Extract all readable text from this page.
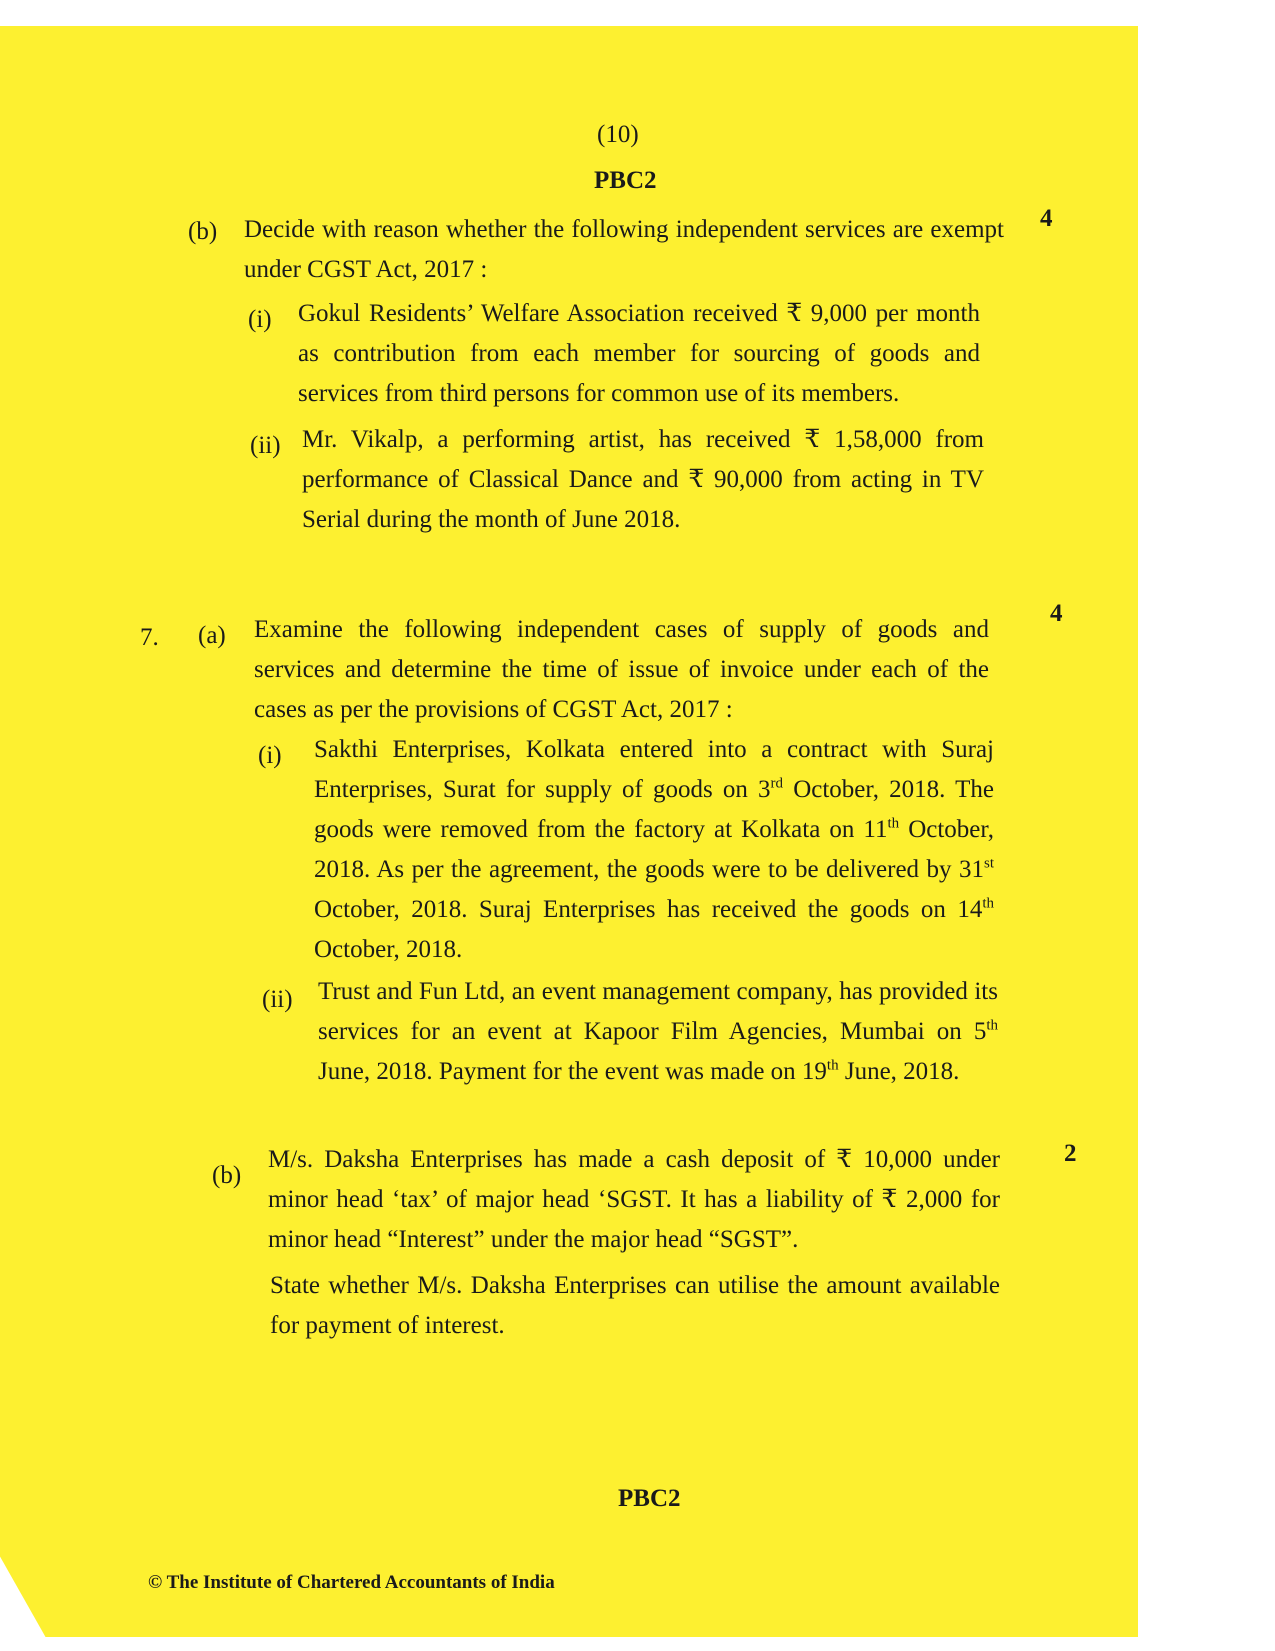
(10)
PBC2
(b) Decide with reason whether the following independent services are exempt under CGST Act, 2017 :
4
(i) Gokul Residents’ Welfare Association received ₹ 9,000 per month as contribution from each member for sourcing of goods and services from third persons for common use of its members.
(ii) Mr. Vikalp, a performing artist, has received ₹ 1,58,000 from performance of Classical Dance and ₹ 90,000 from acting in TV Serial during the month of June 2018.
7. (a) Examine the following independent cases of supply of goods and services and determine the time of issue of invoice under each of the cases as per the provisions of CGST Act, 2017 :
4
(i) Sakthi Enterprises, Kolkata entered into a contract with Suraj Enterprises, Surat for supply of goods on 3rd October, 2018. The goods were removed from the factory at Kolkata on 11th October, 2018. As per the agreement, the goods were to be delivered by 31st October, 2018. Suraj Enterprises has received the goods on 14th October, 2018.
(ii) Trust and Fun Ltd, an event management company, has provided its services for an event at Kapoor Film Agencies, Mumbai on 5th June, 2018. Payment for the event was made on 19th June, 2018.
(b)
M/s. Daksha Enterprises has made a cash deposit of ₹ 10,000 under minor head ‘tax’ of major head ‘SGST. It has a liability of ₹ 2,000 for minor head “Interest” under the major head “SGST”.
2
State whether M/s. Daksha Enterprises can utilise the amount available for payment of interest.
PBC2
© The Institute of Chartered Accountants of India
